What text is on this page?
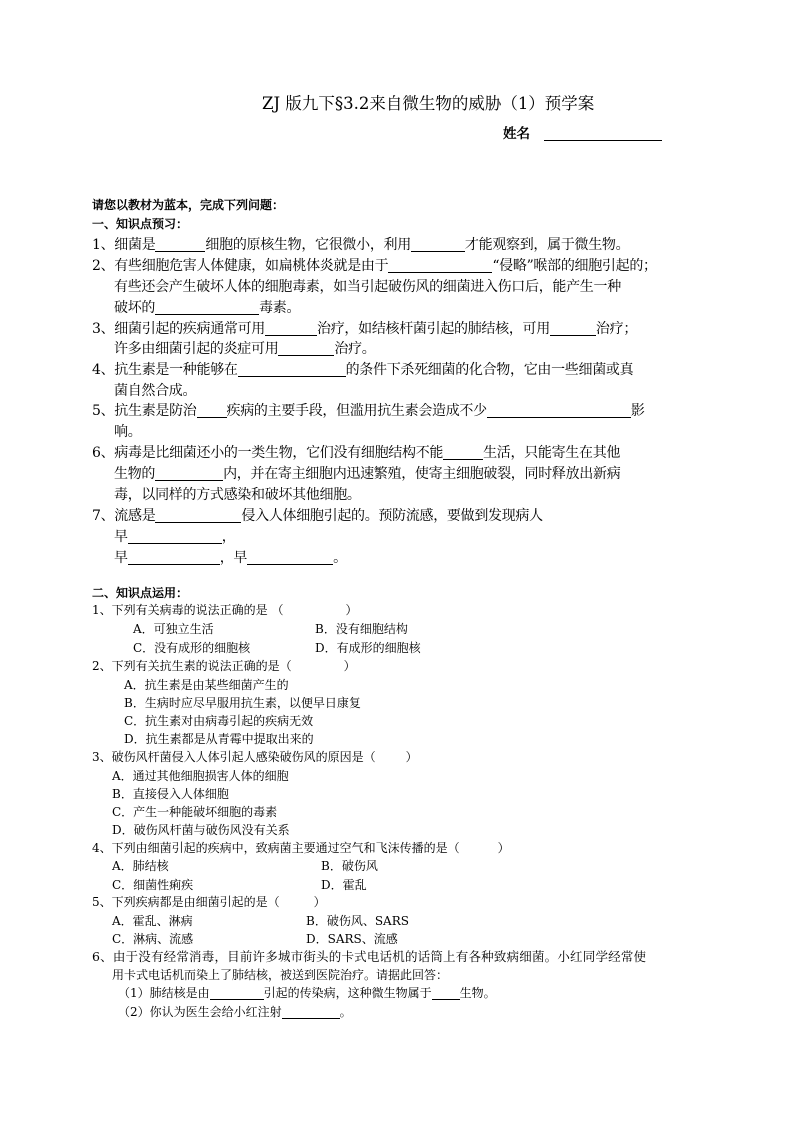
ZJ 版九下§3.2来自微生物的威胁（1）预学案
姓名
请您以教材为蓝本，完成下列问题：
一、知识点预习：
1、细菌是	细胞的原核生物，它很微小，利用	才能观察到，属于微生物。
2、有些细胞危害人体健康，如扁桃体炎就是由于	“侵略”喉部的细胞引起的；
有些还会产生破坏人体的细胞毒素，如当引起破伤风的细菌进入伤口后，能产生一种
破坏的	毒素。
3、细菌引起的疾病通常可用	治疗，如结核杆菌引起的肺结核，可用	治疗；
许多由细菌引起的炎症可用	治疗。
4、抗生素是一种能够在	的条件下杀死细菌的化合物，它由一些细菌或真
菌自然合成。
5、抗生素是防治 疾病的主要手段，但滥用抗生素会造成不少	影
响。
6、病毒是比细菌还小的一类生物，它们没有细胞结构不能	生活，只能寄生在其他
生物的	内，并在寄主细胞内迅速繁殖，使寄主细胞破裂，同时释放出新病
毒，以同样的方式感染和破坏其他细胞。
7、流感是	侵入人体细胞引起的。预防流感，要做到发现病人
早	，
早	，早	。
二、知识点运用：
1、下列有关病毒的说法正确的是 （	）
A．可独立生活	B．没有细胞结构
C．没有成形的细胞核	D．有成形的细胞核
2、下列有关抗生素的说法正确的是（	）
A．抗生素是由某些细菌产生的
B．生病时应尽早服用抗生素，以便早日康复
C．抗生素对由病毒引起的疾病无效
D．抗生素都是从青霉中提取出来的
3、破伤风杆菌侵入人体引起人感染破伤风的原因是（	）
A．通过其他细胞损害人体的细胞
B．直接侵入人体细胞
C．产生一种能破坏细胞的毒素
D．破伤风杆菌与破伤风没有关系
4、下列由细菌引起的疾病中，致病菌主要通过空气和飞沫传播的是（	）
A．肺结核	B．破伤风
C．细菌性痢疾	D．霍乱
5、下列疾病都是由细菌引起的是（	）
A．霍乱、淋病	B．破伤风、SARS
C．淋病、流感	D．SARS、流感
6、由于没有经常消毒，目前许多城市街头的卡式电话机的话筒上有各种致病细菌。小红同学经常使
用卡式电话机而染上了肺结核，被送到医院治疗。请据此回答：
（1）肺结核是由	引起的传染病，这种微生物属于 生物。
（2）你认为医生会给小红注射	。
